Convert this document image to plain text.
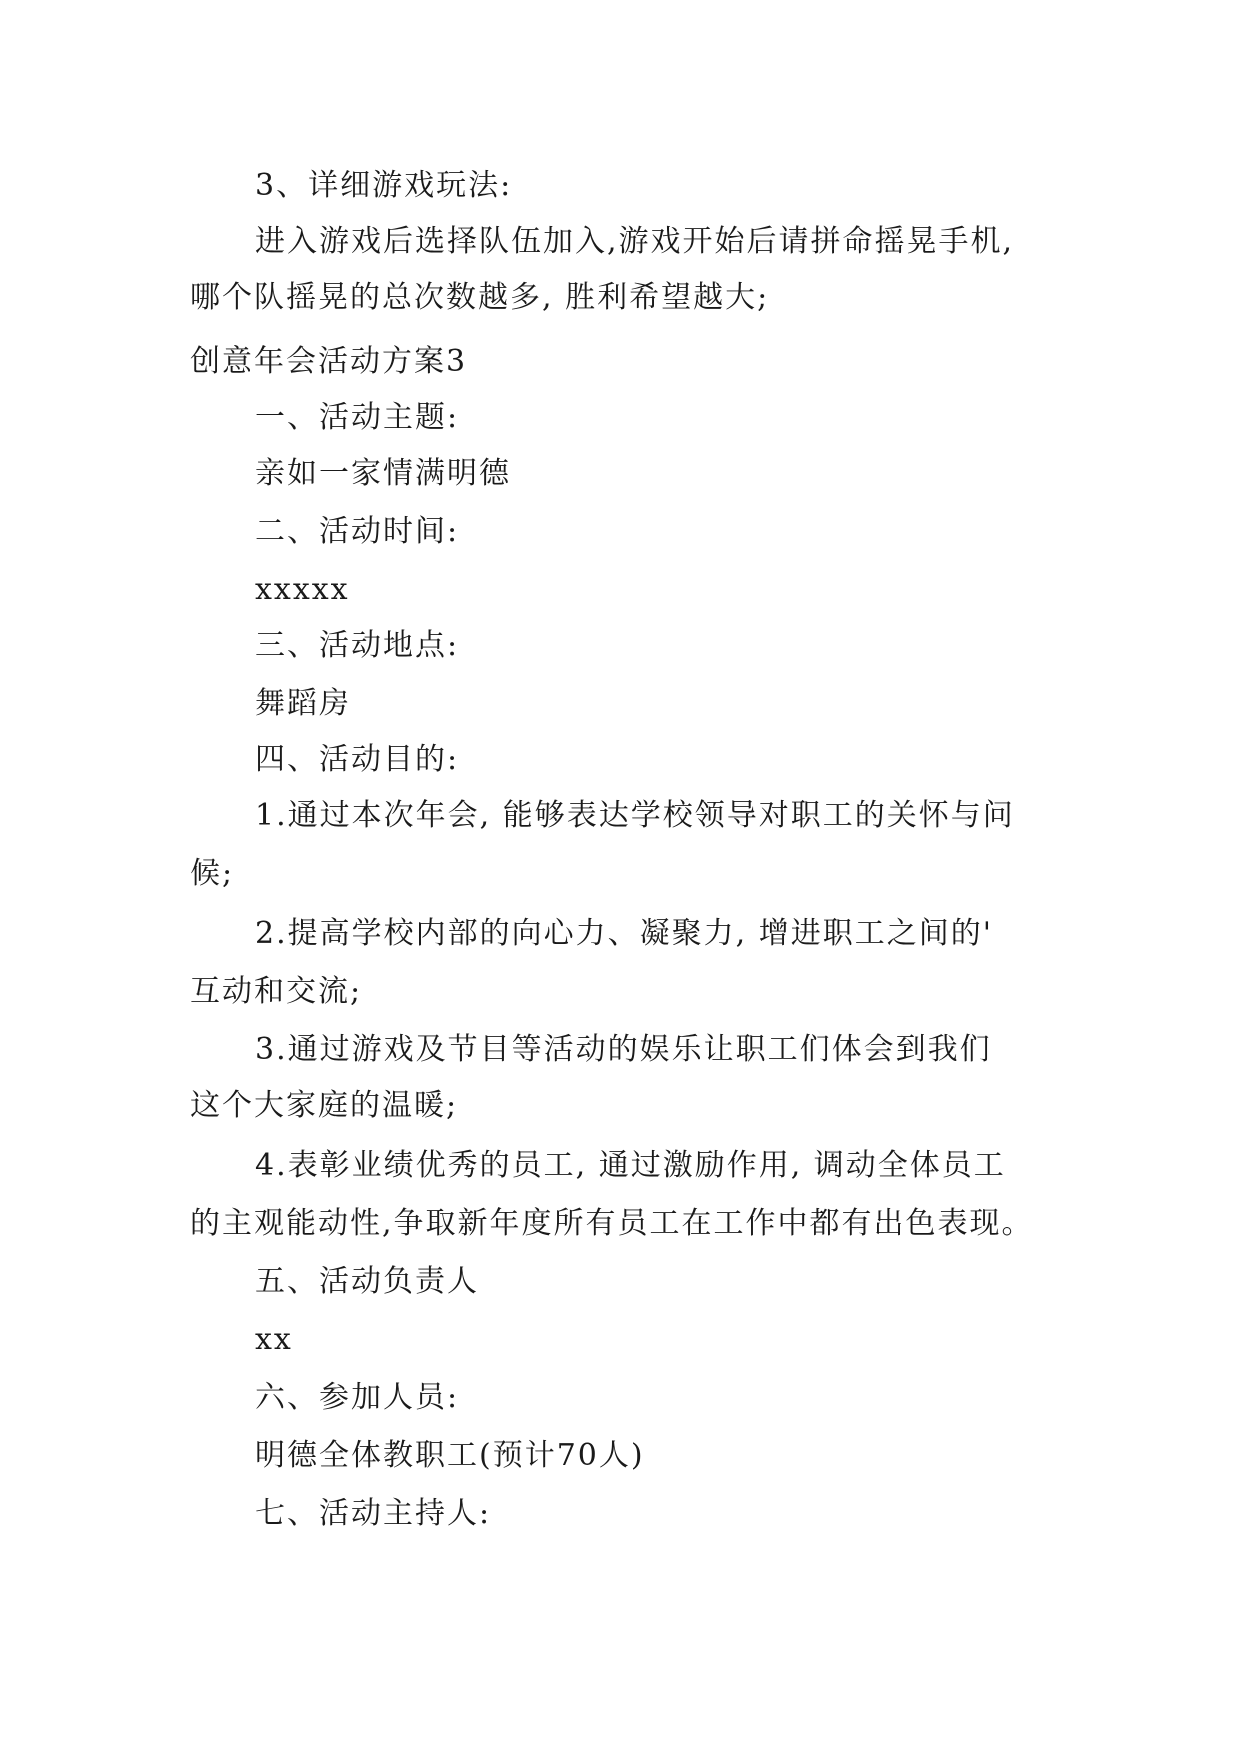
3、详细游戏玩法:
进入游戏后选择队伍加入,游戏开始后请拼命摇晃手机,
哪个队摇晃的总次数越多, 胜利希望越大;
创意年会活动方案3
一、活动主题:
亲如一家情满明德
二、活动时间:
xxxxx
三、活动地点:
舞蹈房
四、活动目的:
1.通过本次年会, 能够表达学校领导对职工的关怀与问
候;
2.提高学校内部的向心力、凝聚力, 增进职工之间的'
互动和交流;
3.通过游戏及节目等活动的娱乐让职工们体会到我们
这个大家庭的温暖;
4.表彰业绩优秀的员工, 通过激励作用, 调动全体员工
的主观能动性,争取新年度所有员工在工作中都有出色表现。
五、活动负责人
xx
六、参加人员:
明德全体教职工(预计70人)
七、活动主持人:
